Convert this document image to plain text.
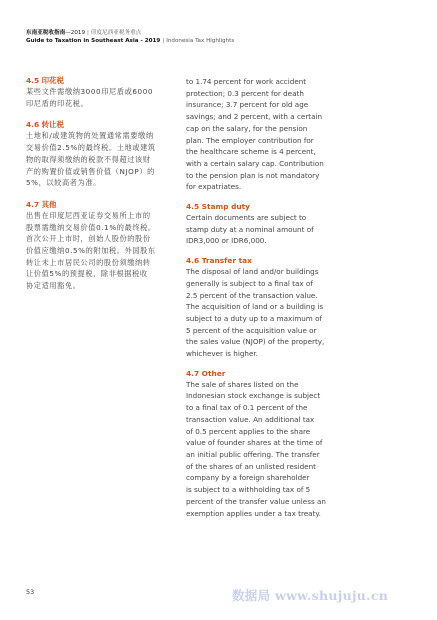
东南亚税收指南—2019 | 印度尼西亚税务重点
Guide to Taxation in Southeast Asia - 2019 | Indonesia Tax Highlights
4.5 印花税
某些文件需缴纳3000印尼盾或6000
印尼盾的印花税。
4.6 转让税
土地和/或建筑物的处置通常需要缴纳
交易价值2.5%的最终税。土地或建筑
物的取得须缴纳的税款不得超过该财
产的购置价值或销售价值（NJOP）的
5%，以较高者为准。
4.7 其他
出售在印度尼西亚证券交易所上市的
股票需缴纳交易价值0.1%的最终税。
首次公开上市时，创始人股份的股份
价值应缴纳0.5%的附加税。外国股东
转让未上市居民公司的股份须缴纳转
让价值5%的预提税，除非根据税收
协定适用豁免。
to 1.74 percent for work accident
protection; 0.3 percent for death
insurance; 3.7 percent for old age
savings; and 2 percent, with a certain
cap on the salary, for the pension
plan. The employer contribution for
the healthcare scheme is 4 percent,
with a certain salary cap. Contribution
to the pension plan is not mandatory
for expatriates.
4.5 Stamp duty
Certain documents are subject to
stamp duty at a nominal amount of
IDR3,000 or IDR6,000.
4.6 Transfer tax
The disposal of land and/or buildings
generally is subject to a final tax of
2.5 percent of the transaction value.
The acquisition of land or a building is
subject to a duty up to a maximum of
5 percent of the acquisition value or
the sales value (NJOP) of the property,
whichever is higher.
4.7 Other
The sale of shares listed on the
Indonesian stock exchange is subject
to a final tax of 0.1 percent of the
transaction value. An additional tax
of 0.5 percent applies to the share
value of founder shares at the time of
an initial public offering. The transfer
of the shares of an unlisted resident
company by a foreign shareholder
is subject to a withholding tax of 5
percent of the transfer value unless an
exemption applies under a tax treaty.
53	数据局 www.shujuju.cn
